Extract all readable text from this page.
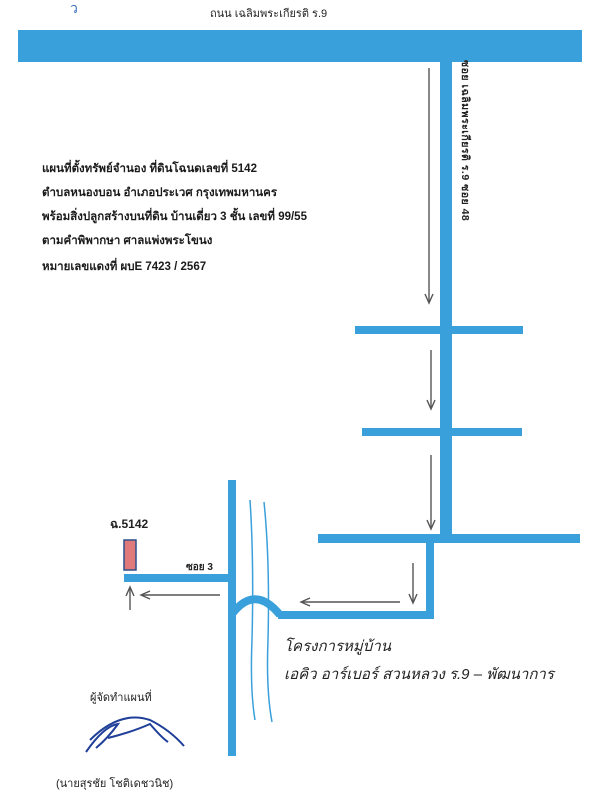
ว	ถนน เฉลิมพระเกียรติ ร.9
ซอย เฉลิมพระเกียรติ ร.9 ซอย 48
แผนที่ตั้งทรัพย์จำนอง ที่ดินโฉนดเลขที่ 5142
ตำบลหนองบอน อำเภอประเวศ กรุงเทพมหานคร
พร้อมสิ่งปลูกสร้างบนที่ดิน บ้านเดี่ยว 3 ชั้น เลขที่ 99/55
ตามคำพิพากษา ศาลแพ่งพระโขนง
หมายเลขแดงที่ ผบE 7423 / 2567
ฉ.5142
ซอย 3
โครงการหมู่บ้าน
เอคิว อาร์เบอร์ สวนหลวง ร.9 – พัฒนาการ
ผู้จัดทำแผนที่
(นายสุรชัย โชติเดชวนิช)
